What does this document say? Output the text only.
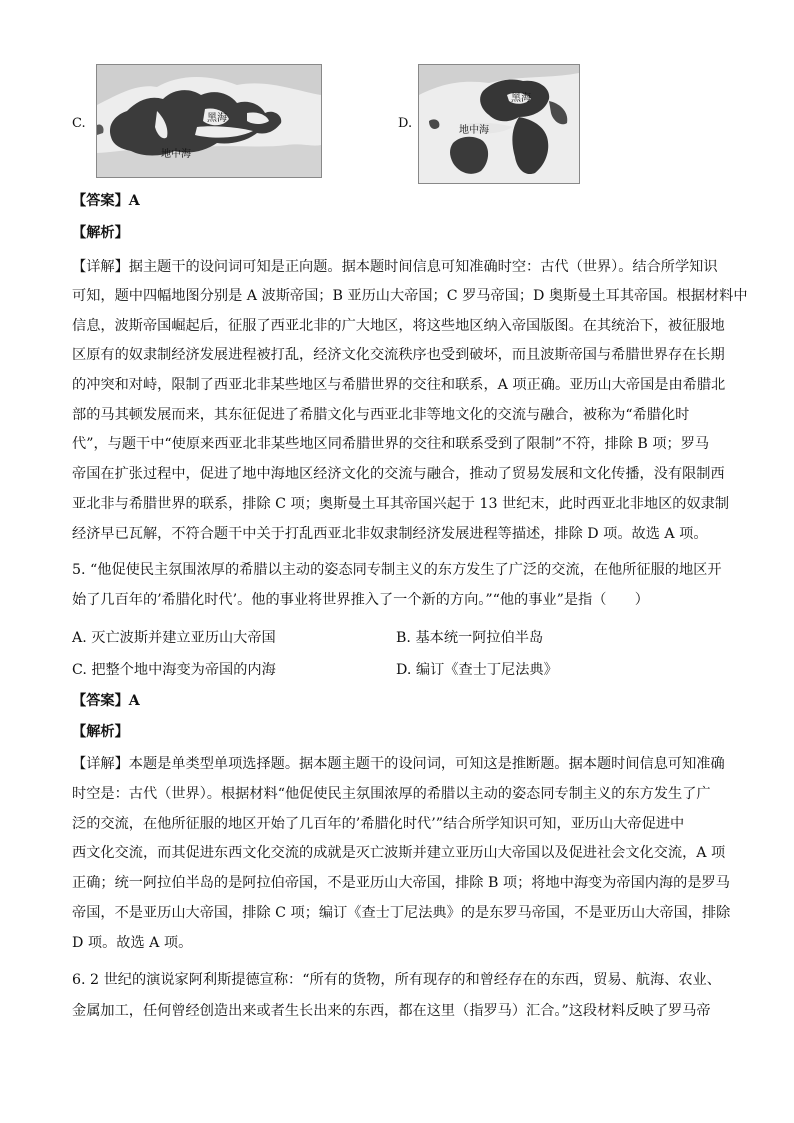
C.	黑海
地中海
D.
黑海
地中海
【答案】A
【解析】
【详解】据主题干的设问词可知是正向题。据本题时间信息可知准确时空：古代（世界）。结合所学知识
可知，题中四幅地图分别是 A 波斯帝国；B 亚历山大帝国；C 罗马帝国；D 奥斯曼土耳其帝国。根据材料中
信息，波斯帝国崛起后，征服了西亚北非的广大地区，将这些地区纳入帝国版图。在其统治下，被征服地
区原有的奴隶制经济发展进程被打乱，经济文化交流秩序也受到破坏，而且波斯帝国与希腊世界存在长期
的冲突和对峙，限制了西亚北非某些地区与希腊世界的交往和联系，A 项正确。亚历山大帝国是由希腊北
部的马其顿发展而来，其东征促进了希腊文化与西亚北非等地文化的交流与融合，被称为“希腊化时
代”，与题干中“使原来西亚北非某些地区同希腊世界的交往和联系受到了限制”不符，排除 B 项；罗马
帝国在扩张过程中，促进了地中海地区经济文化的交流与融合，推动了贸易发展和文化传播，没有限制西
亚北非与希腊世界的联系，排除 C 项；奥斯曼土耳其帝国兴起于 13 世纪末，此时西亚北非地区的奴隶制
经济早已瓦解，不符合题干中关于打乱西亚北非奴隶制经济发展进程等描述，排除 D 项。故选 A 项。
5. “他促使民主氛围浓厚的希腊以主动的姿态同专制主义的东方发生了广泛的交流，在他所征服的地区开
始了几百年的’希腊化时代’。他的事业将世界推入了一个新的方向。”“他的事业”是指（　　）
A. 灭亡波斯并建立亚历山大帝国	B. 基本统一阿拉伯半岛
C. 把整个地中海变为帝国的内海	D. 编订《查士丁尼法典》
【答案】A
【解析】
【详解】本题是单类型单项选择题。据本题主题干的设问词，可知这是推断题。据本题时间信息可知准确
时空是：古代（世界）。根据材料“他促使民主氛围浓厚的希腊以主动的姿态同专制主义的东方发生了广
泛的交流，在他所征服的地区开始了几百年的’希腊化时代’”结合所学知识可知，亚历山大帝促进中
西文化交流，而其促进东西文化交流的成就是灭亡波斯并建立亚历山大帝国以及促进社会文化交流，A 项
正确；统一阿拉伯半岛的是阿拉伯帝国，不是亚历山大帝国，排除 B 项；将地中海变为帝国内海的是罗马
帝国，不是亚历山大帝国，排除 C 项；编订《查士丁尼法典》的是东罗马帝国，不是亚历山大帝国，排除
D 项。故选 A 项。
6. 2 世纪的演说家阿利斯提德宣称：“所有的货物，所有现存的和曾经存在的东西，贸易、航海、农业、
金属加工，任何曾经创造出来或者生长出来的东西，都在这里（指罗马）汇合。”这段材料反映了罗马帝
